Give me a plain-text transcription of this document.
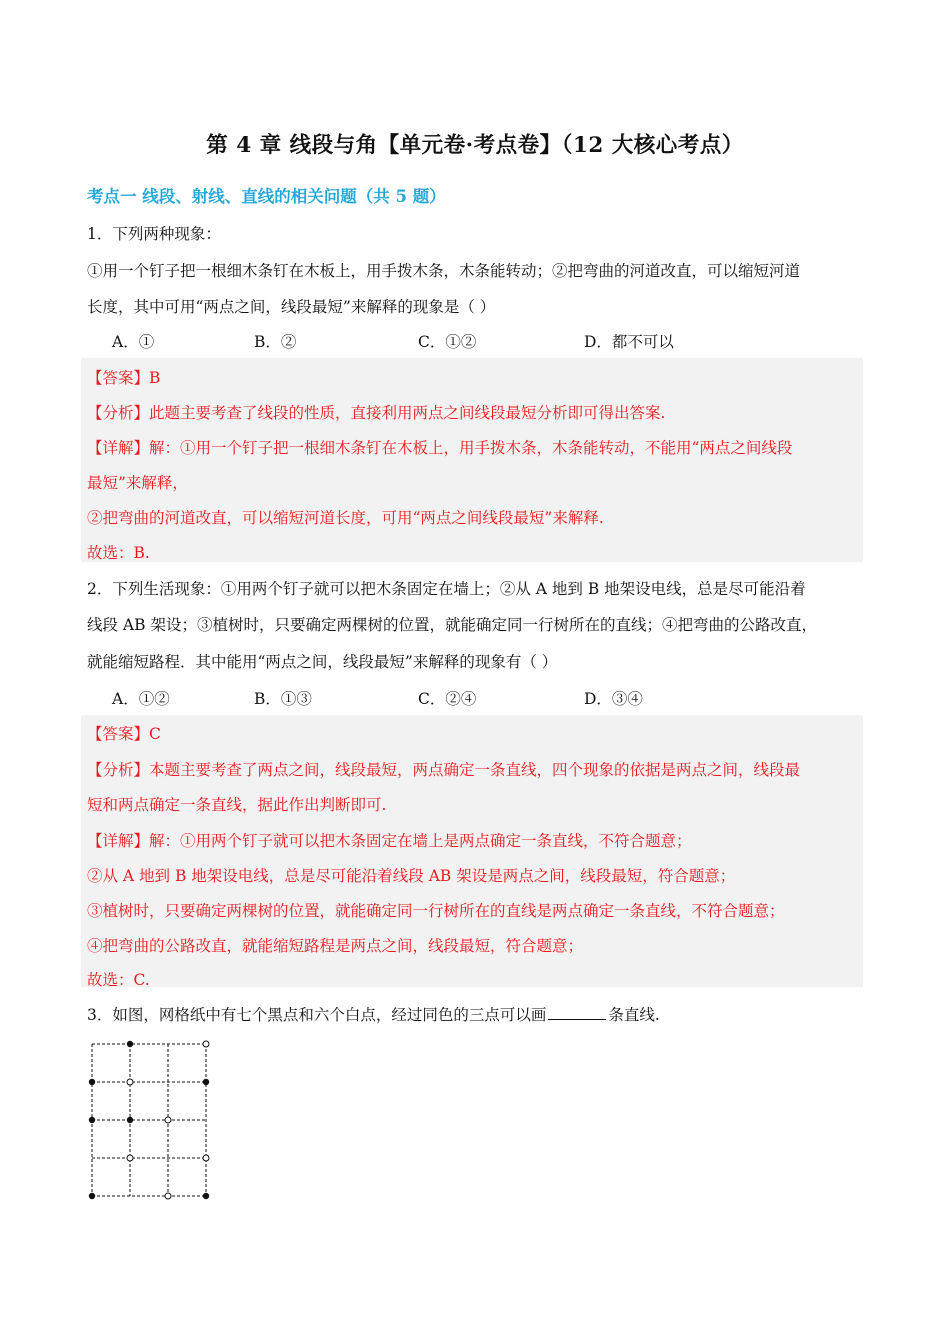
第 4 章 线段与角【单元卷·考点卷】（12 大核心考点）
考点一 线段、射线、直线的相关问题（共 5 题）
1．下列两种现象：
①用一个钉子把一根细木条钉在木板上，用手拨木条，木条能转动；②把弯曲的河道改直，可以缩短河道
长度，其中可用“两点之间，线段最短”来解释的现象是（ ）
A．①	B．②	C．①②	D．都不可以
【答案】B
【分析】此题主要考查了线段的性质，直接利用两点之间线段最短分析即可得出答案.
【详解】解：①用一个钉子把一根细木条钉在木板上，用手拨木条，木条能转动，不能用“两点之间线段
最短”来解释，
②把弯曲的河道改直，可以缩短河道长度，可用“两点之间线段最短”来解释.
故选：B.
2．下列生活现象：①用两个钉子就可以把木条固定在墙上；②从 A 地到 B 地架设电线，总是尽可能沿着
线段 AB 架设；③植树时，只要确定两棵树的位置，就能确定同一行树所在的直线；④把弯曲的公路改直，
就能缩短路程．其中能用“两点之间，线段最短”来解释的现象有（ ）
A．①②	B．①③	C．②④	D．③④
【答案】C
【分析】本题主要考查了两点之间，线段最短，两点确定一条直线，四个现象的依据是两点之间，线段最
短和两点确定一条直线，据此作出判断即可.
【详解】解：①用两个钉子就可以把木条固定在墙上是两点确定一条直线，不符合题意；
②从 A 地到 B 地架设电线，总是尽可能沿着线段 AB 架设是两点之间，线段最短，符合题意；
③植树时，只要确定两棵树的位置，就能确定同一行树所在的直线是两点确定一条直线，不符合题意；
④把弯曲的公路改直，就能缩短路程是两点之间，线段最短，符合题意；
故选：C.
3．如图，网格纸中有七个黑点和六个白点，经过同色的三点可以画	条直线.
